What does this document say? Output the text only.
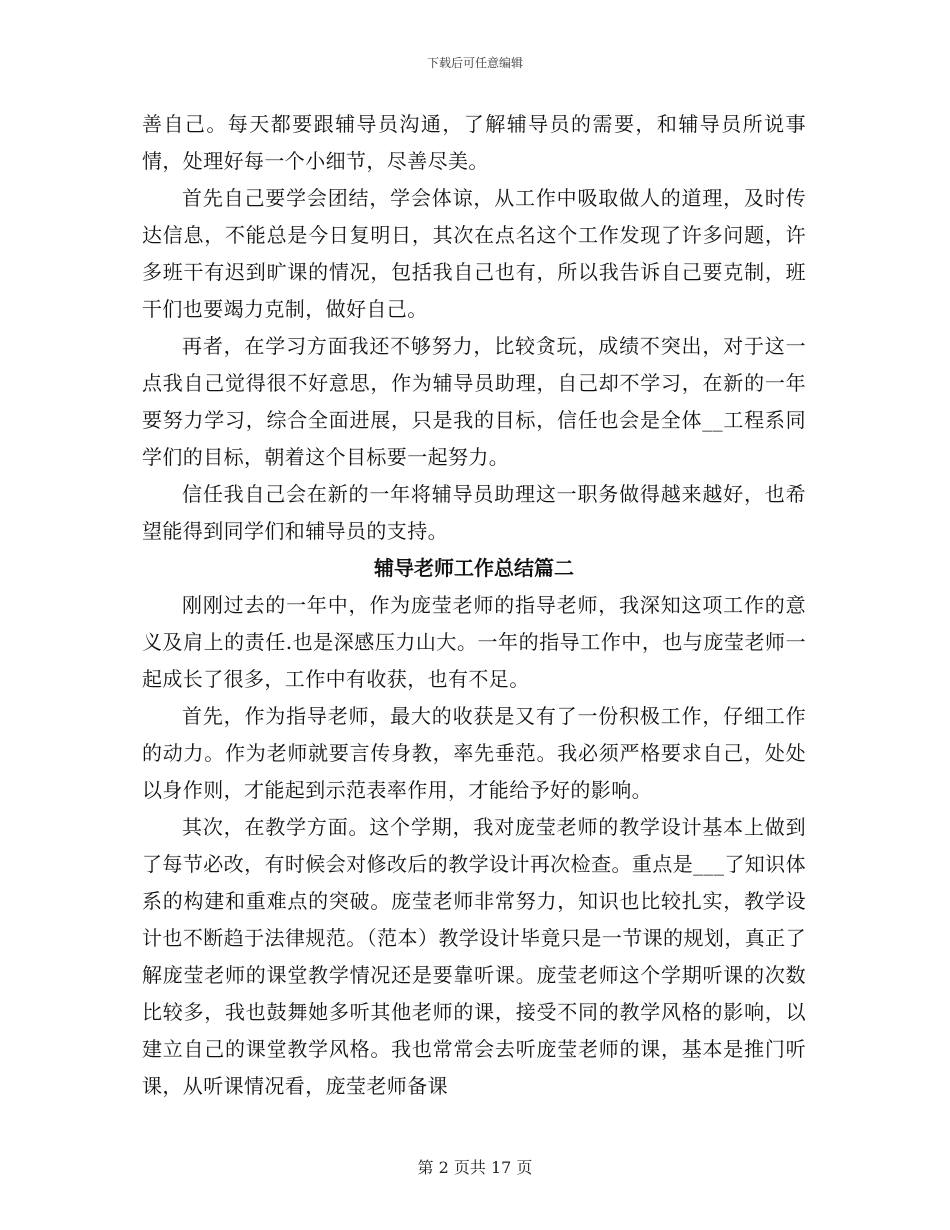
下载后可任意编辑

善自己。每天都要跟辅导员沟通，了解辅导员的需要，和辅导员所说事情，处理好每一个小细节，尽善尽美。

首先自己要学会团结，学会体谅，从工作中吸取做人的道理，及时传达信息，不能总是今日复明日，其次在点名这个工作发现了许多问题，许多班干有迟到旷课的情况，包括我自己也有，所以我告诉自己要克制，班干们也要竭力克制，做好自己。

再者，在学习方面我还不够努力，比较贪玩，成绩不突出，对于这一点我自己觉得很不好意思，作为辅导员助理，自己却不学习，在新的一年要努力学习，综合全面进展，只是我的目标，信任也会是全体__工程系同学们的目标，朝着这个目标要一起努力。

信任我自己会在新的一年将辅导员助理这一职务做得越来越好，也希望能得到同学们和辅导员的支持。

辅导老师工作总结篇二

刚刚过去的一年中，作为庞莹老师的指导老师，我深知这项工作的意义及肩上的责任.也是深感压力山大。一年的指导工作中，也与庞莹老师一起成长了很多，工作中有收获，也有不足。

首先，作为指导老师，最大的收获是又有了一份积极工作，仔细工作的动力。作为老师就要言传身教，率先垂范。我必须严格要求自己，处处以身作则，才能起到示范表率作用，才能给予好的影响。

其次，在教学方面。这个学期，我对庞莹老师的教学设计基本上做到了每节必改，有时候会对修改后的教学设计再次检查。重点是___了知识体系的构建和重难点的突破。庞莹老师非常努力，知识也比较扎实，教学设计也不断趋于法律规范。（范本）教学设计毕竟只是一节课的规划，真正了解庞莹老师的课堂教学情况还是要靠听课。庞莹老师这个学期听课的次数比较多，我也鼓舞她多听其他老师的课，接受不同的教学风格的影响，以建立自己的课堂教学风格。我也常常会去听庞莹老师的课，基本是推门听课，从听课情况看，庞莹老师备课

第 2 页共 17 页
